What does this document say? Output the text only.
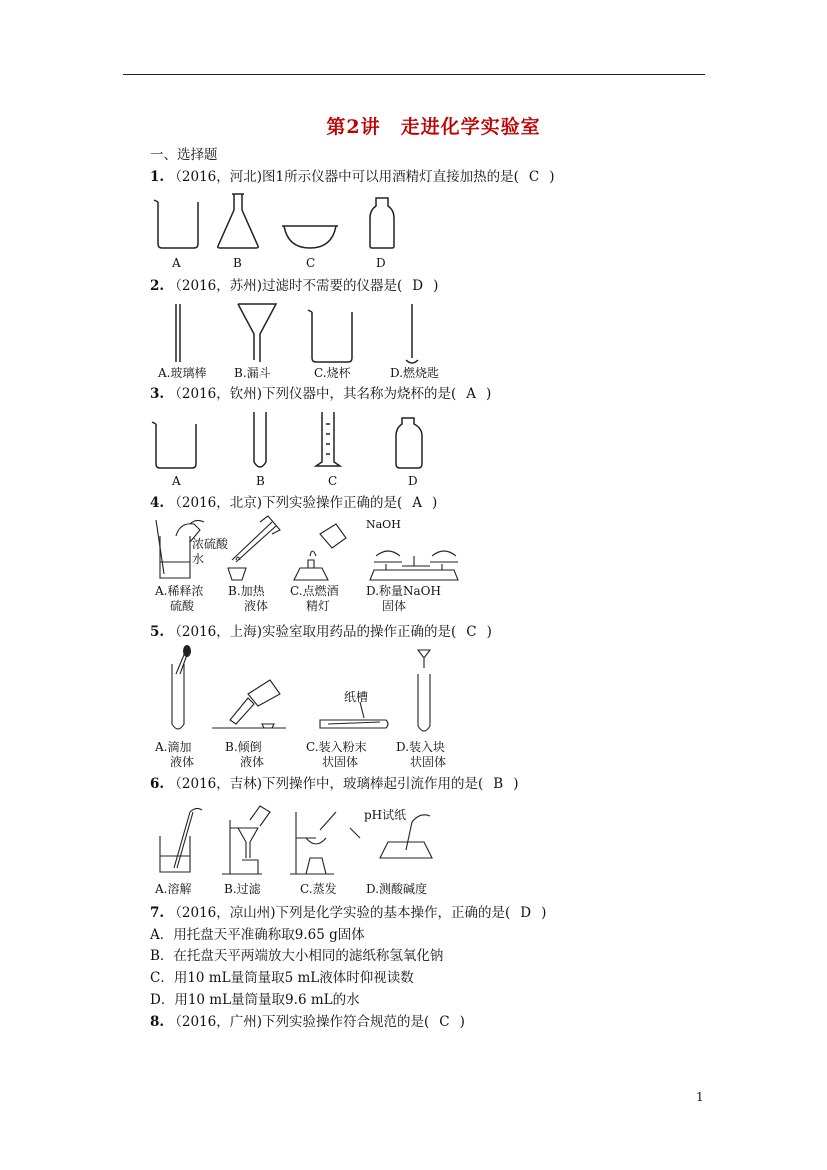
第2讲　走进化学实验室
一、选择题
1. （2016，河北)图1所示仪器中可以用酒精灯直接加热的是( C )
A	B	C	D
2. （2016，苏州)过滤时不需要的仪器是( D )
A.玻璃棒 B.漏斗	C.烧杯	D.燃烧匙
3. （2016，钦州)下列仪器中，其名称为烧杯的是( A )
A	B	C	D
4. （2016，北京)下列实验操作正确的是( A )
浓硫酸
水
NaOH
A.稀释浓
硫酸
B.加热
液体
C.点燃酒
精灯
D.称量NaOH
固体
5. （2016，上海)实验室取用药品的操作正确的是( C )
纸槽
A.滴加
液体
B.倾倒
液体
C.装入粉末
状固体
D.装入块
状固体
6. （2016，吉林)下列操作中，玻璃棒起引流作用的是( B )
pH试纸
A.溶解	B.过滤	C.蒸发 D.测酸碱度
7. （2016，凉山州)下列是化学实验的基本操作，正确的是( D )
A．用托盘天平准确称取9.65 g固体
B．在托盘天平两端放大小相同的滤纸称氢氧化钠
C．用10 mL量筒量取5 mL液体时仰视读数
D．用10 mL量筒量取9.6 mL的水
8. （2016，广州)下列实验操作符合规范的是( C )
1
